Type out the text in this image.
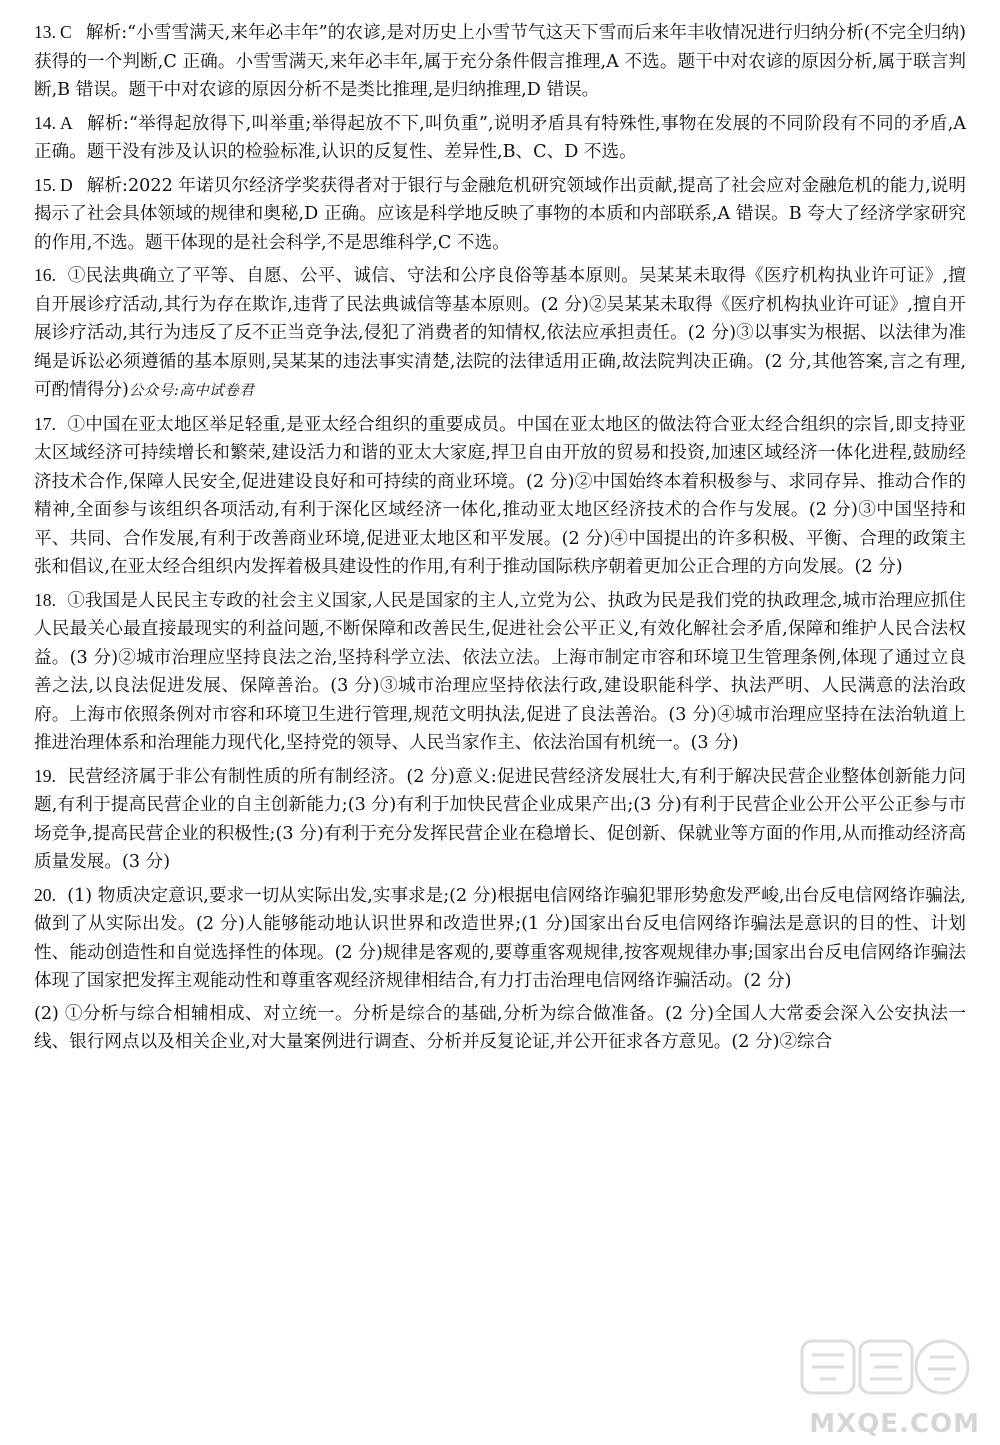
13. C 解析:“小雪雪满天,来年必丰年”的农谚,是对历史上小雪节气这天下雪而后来年丰收情况进行归纳分析(不完全归纳)获得的一个判断,C 正确。小雪雪满天,来年必丰年,属于充分条件假言推理,A 不选。题干中对农谚的原因分析,属于联言判断,B 错误。题干中对农谚的原因分析不是类比推理,是归纳推理,D 错误。

14. A 解析:“举得起放得下,叫举重;举得起放不下,叫负重”,说明矛盾具有特殊性,事物在发展的不同阶段有不同的矛盾,A 正确。题干没有涉及认识的检验标准,认识的反复性、差异性,B、C、D 不选。

15. D 解析:2022 年诺贝尔经济学奖获得者对于银行与金融危机研究领域作出贡献,提高了社会应对金融危机的能力,说明揭示了社会具体领域的规律和奥秘,D 正确。应该是科学地反映了事物的本质和内部联系,A 错误。B 夸大了经济学家研究的作用,不选。题干体现的是社会科学,不是思维科学,C 不选。

16. ①民法典确立了平等、自愿、公平、诚信、守法和公序良俗等基本原则。吴某某未取得《医疗机构执业许可证》,擅自开展诊疗活动,其行为存在欺诈,违背了民法典诚信等基本原则。(2 分)②吴某某未取得《医疗机构执业许可证》,擅自开展诊疗活动,其行为违反了反不正当竞争法,侵犯了消费者的知情权,依法应承担责任。(2 分)③以事实为根据、以法律为准绳是诉讼必须遵循的基本原则,吴某某的违法事实清楚,法院的法律适用正确,故法院判决正确。(2 分,其他答案,言之有理,可酌情得分)公众号:高中试卷君

17. ①中国在亚太地区举足轻重,是亚太经合组织的重要成员。中国在亚太地区的做法符合亚太经合组织的宗旨,即支持亚太区域经济可持续增长和繁荣,建设活力和谐的亚太大家庭,捍卫自由开放的贸易和投资,加速区域经济一体化进程,鼓励经济技术合作,保障人民安全,促进建设良好和可持续的商业环境。(2 分)②中国始终本着积极参与、求同存异、推动合作的精神,全面参与该组织各项活动,有利于深化区域经济一体化,推动亚太地区经济技术的合作与发展。(2 分)③中国坚持和平、共同、合作发展,有利于改善商业环境,促进亚太地区和平发展。(2 分)④中国提出的许多积极、平衡、合理的政策主张和倡议,在亚太经合组织内发挥着极具建设性的作用,有利于推动国际秩序朝着更加公正合理的方向发展。(2 分)

18. ①我国是人民民主专政的社会主义国家,人民是国家的主人,立党为公、执政为民是我们党的执政理念,城市治理应抓住人民最关心最直接最现实的利益问题,不断保障和改善民生,促进社会公平正义,有效化解社会矛盾,保障和维护人民合法权益。(3 分)②城市治理应坚持良法之治,坚持科学立法、依法立法。上海市制定市容和环境卫生管理条例,体现了通过立良善之法,以良法促进发展、保障善治。(3 分)③城市治理应坚持依法行政,建设职能科学、执法严明、人民满意的法治政府。上海市依照条例对市容和环境卫生进行管理,规范文明执法,促进了良法善治。(3 分)④城市治理应坚持在法治轨道上推进治理体系和治理能力现代化,坚持党的领导、人民当家作主、依法治国有机统一。(3 分)

19. 民营经济属于非公有制性质的所有制经济。(2 分)意义:促进民营经济发展壮大,有利于解决民营企业整体创新能力问题,有利于提高民营企业的自主创新能力;(3 分)有利于加快民营企业成果产出;(3 分)有利于民营企业公开公平公正参与市场竞争,提高民营企业的积极性;(3 分)有利于充分发挥民营企业在稳增长、促创新、保就业等方面的作用,从而推动经济高质量发展。(3 分)

20. (1) 物质决定意识,要求一切从实际出发,实事求是;(2 分)根据电信网络诈骗犯罪形势愈发严峻,出台反电信网络诈骗法,做到了从实际出发。(2 分)人能够能动地认识世界和改造世界;(1 分)国家出台反电信网络诈骗法是意识的目的性、计划性、能动创造性和自觉选择性的体现。(2 分)规律是客观的,要尊重客观规律,按客观规律办事;国家出台反电信网络诈骗法体现了国家把发挥主观能动性和尊重客观经济规律相结合,有力打击治理电信网络诈骗活动。(2 分)

(2) ①分析与综合相辅相成、对立统一。分析是综合的基础,分析为综合做准备。(2 分)全国人大常委会深入公安执法一线、银行网点以及相关企业,对大量案例进行调查、分析并反复论证,并公开征求各方意见。(2 分)②综合

MXQE.COM
